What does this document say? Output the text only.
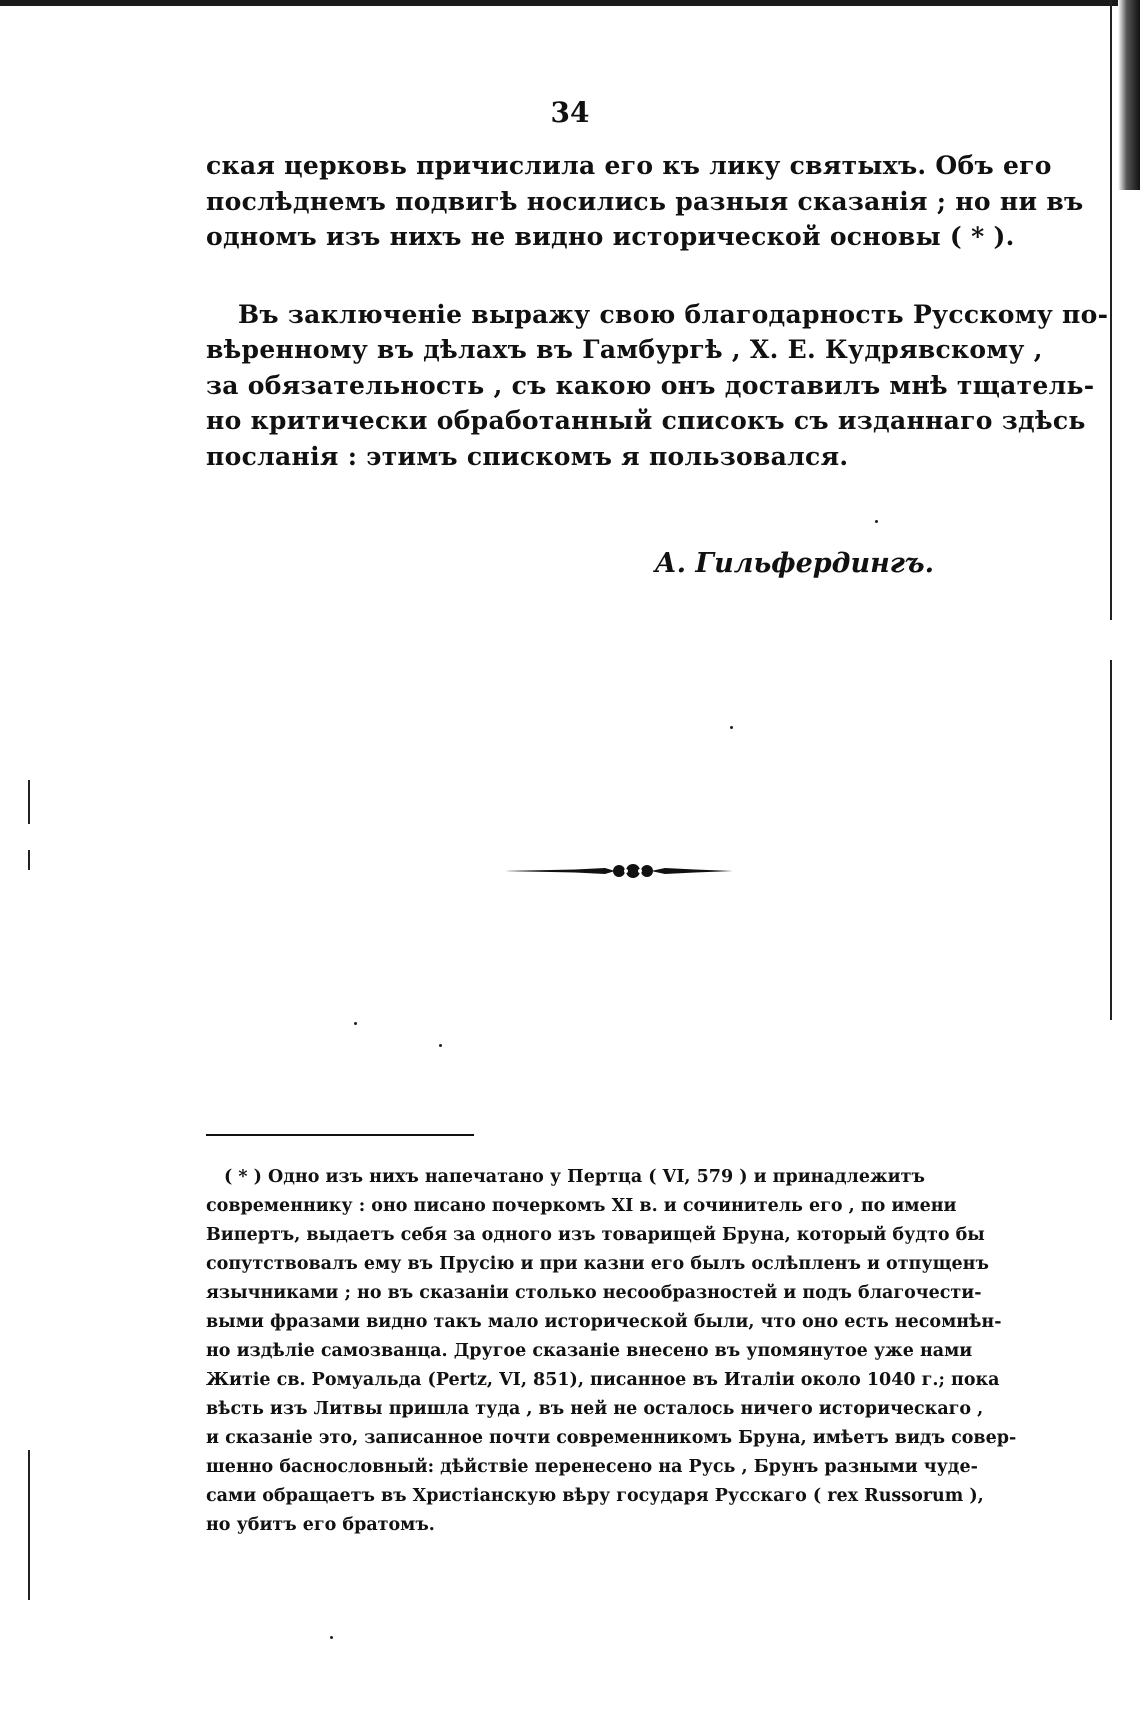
34
ская церковь причислила его къ лику святыхъ. Объ его
послѣднемъ подвигѣ носились разныя сказанія ; но ни въ
одномъ изъ нихъ не видно исторической основы ( * ).
Въ заключеніе выражу свою благодарность Русскому по-
вѣренному въ дѣлахъ въ Гамбургѣ , Х. Е. Кудрявскому ,
за обязательность , съ какою онъ доставилъ мнѣ тщатель-
но критически обработанный списокъ съ изданнаго здѣсь
посланія : этимъ спискомъ я пользовался.
А. Гильфердингъ.
( * ) Одно изъ нихъ напечатано у Пертца ( VI, 579 ) и принадлежитъ
современнику : оно писано почеркомъ XI в. и сочинитель его , по имени
Випертъ, выдаетъ себя за одного изъ товарищей Бруна, который будто бы
сопутствовалъ ему въ Прусію и при казни его былъ ослѣпленъ и отпущенъ
язычниками ; но въ сказаніи столько несообразностей и подъ благочести-
выми фразами видно такъ мало исторической были, что оно есть несомнѣн-
но издѣліе самозванца. Другое сказаніе внесено въ упомянутое уже нами
Житіе св. Ромуальда (Pertz, VI, 851), писанное въ Италіи около 1040 г.; пока
вѣсть изъ Литвы пришла туда , въ ней не осталось ничего историческаго ,
и сказаніе это, записанное почти современникомъ Бруна, имѣетъ видъ совер-
шенно баснословный: дѣйствіе перенесено на Русь , Брунъ разными чуде-
сами обращаетъ въ Христіанскую вѣру государя Русскаго ( rex Russorum ),
но убитъ его братомъ.
